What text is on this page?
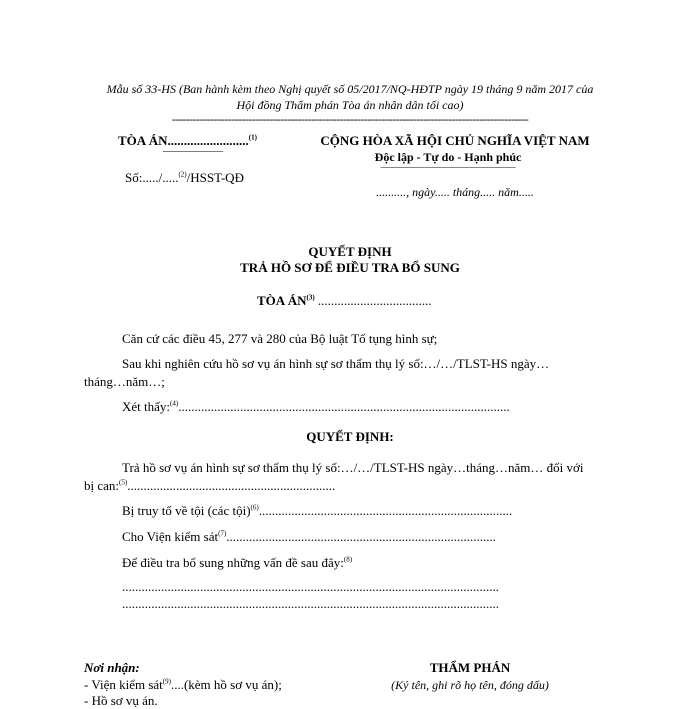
Mẫu số 33-HS (Ban hành kèm theo Nghị quyết số 05/2017/NQ-HĐTP ngày 19 tháng 9 năm 2017 của
Hội đồng Thẩm phán Tòa án nhân dân tối cao)
------------------------------------------------------------------------------------------------------
TÒA ÁN.........................$^{(1)}$
——————
Số:...../.....$^{(2)}$/HSST-QĐ
CỘNG HÒA XÃ HỘI CHỦ NGHĨA VIỆT NAM
Độc lập - Tự do - Hạnh phúc
———————————————
.........., ngày..... tháng..... năm.....
QUYẾT ĐỊNH
TRẢ HỒ SƠ ĐỂ ĐIỀU TRA BỔ SUNG
TÒA ÁN$^{(3)}$ ...................................
Căn cứ các điều 45, 277 và 280 của Bộ luật Tố tụng hình sự;
Sau khi nghiên cứu hồ sơ vụ án hình sự sơ thẩm thụ lý số:…/…/TLST-HS ngày…
tháng…năm…;
Xét thấy:$^{(4)}$......................................................................................................
QUYẾT ĐỊNH:
Trả hồ sơ vụ án hình sự sơ thẩm thụ lý số:…/…/TLST-HS ngày…tháng…năm… đối với
bị can:$^{(5)}$................................................................
Bị truy tố về tội (các tội)$^{(6)}$..............................................................................
Cho Viện kiểm sát$^{(7)}$...................................................................................
Để điều tra bổ sung những vấn đề sau đây:$^{(8)}$
....................................................................................................................
....................................................................................................................
Nơi nhận:
- Viện kiểm sát$^{(9)}$....(kèm hồ sơ vụ án);
- Hồ sơ vụ án.
THẨM PHÁN
(Ký tên, ghi rõ họ tên, đóng dấu)
